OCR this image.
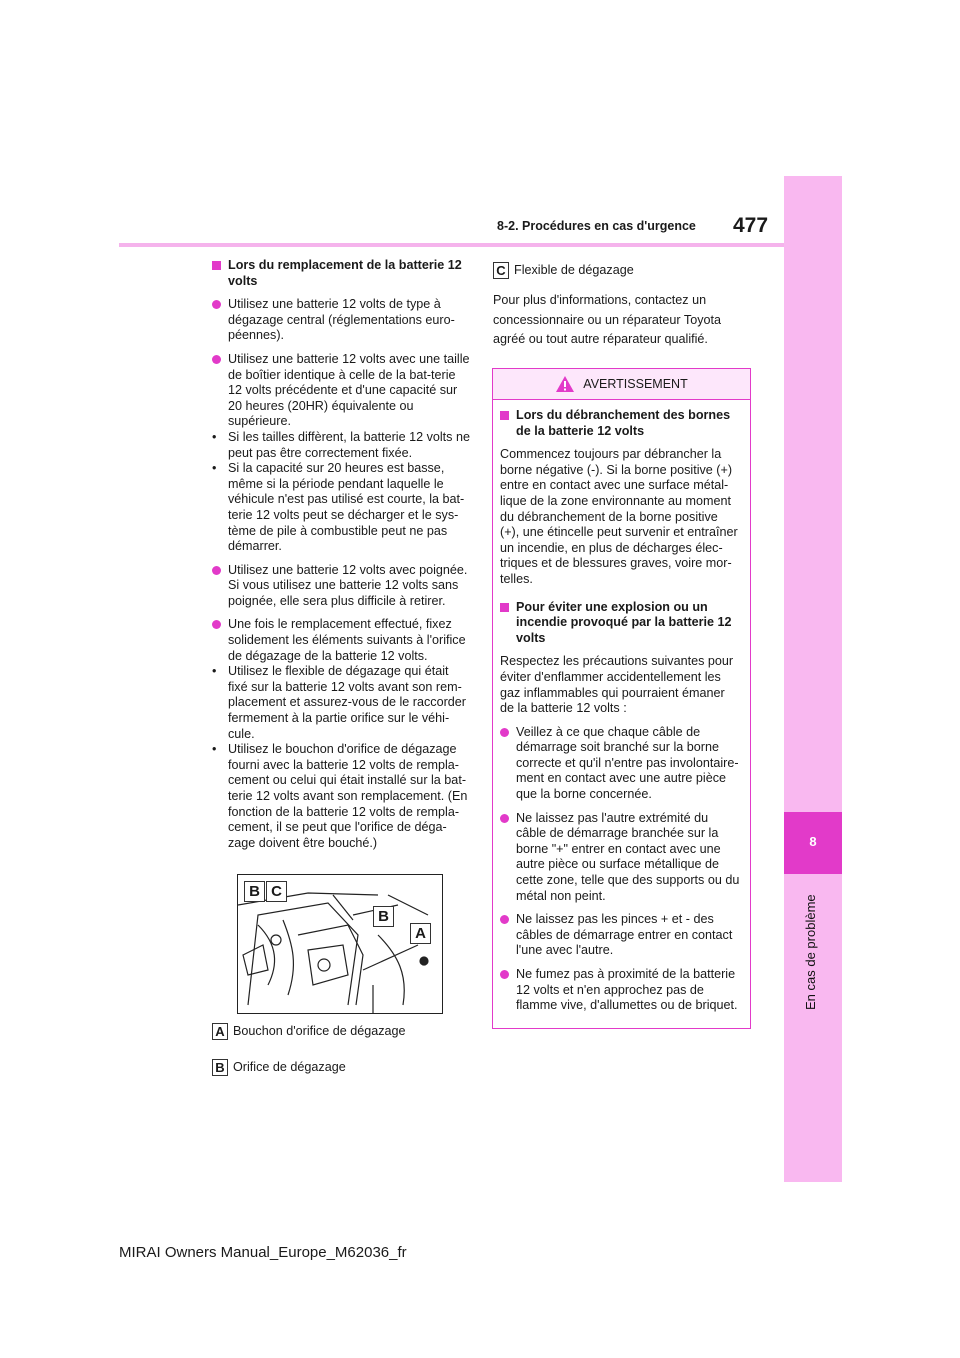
8
En cas de problème
8-2. Procédures en cas d'urgence 477
Lors du remplacement de la batterie 12 volts
Utilisez une batterie 12 volts de type à dégazage central (réglementations euro-péennes).
Utilisez une batterie 12 volts avec une taille de boîtier identique à celle de la bat-terie 12 volts précédente et d'une capacité sur 20 heures (20HR) équivalente ou supérieure.
• Si les tailles diffèrent, la batterie 12 volts ne peut pas être correctement fixée.
• Si la capacité sur 20 heures est basse, même si la période pendant laquelle le véhicule n'est pas utilisé est courte, la bat-terie 12 volts peut se décharger et le sys-tème de pile à combustible peut ne pas démarrer.
Utilisez une batterie 12 volts avec poignée. Si vous utilisez une batterie 12 volts sans poignée, elle sera plus difficile à retirer.
Une fois le remplacement effectué, fixez solidement les éléments suivants à l'orifice de dégazage de la batterie 12 volts.
• Utilisez le flexible de dégazage qui était fixé sur la batterie 12 volts avant son rem-placement et assurez-vous de le raccorder fermement à la partie orifice sur le véhi-cule.
• Utilisez le bouchon d'orifice de dégazage fourni avec la batterie 12 volts de rempla-cement ou celui qui était installé sur la bat-terie 12 volts avant son remplacement. (En fonction de la batterie 12 volts de rempla-cement, il se peut que l'orifice de déga-zage doivent être bouché.)
B C
B
A
A Bouchon d'orifice de dégazage
B Orifice de dégazage
C Flexible de dégazage
Pour plus d'informations, contactez un concessionnaire ou un réparateur Toyota agréé ou tout autre réparateur qualifié.
AVERTISSEMENT
Lors du débranchement des bornes de la batterie 12 volts
Commencez toujours par débrancher la borne négative (-). Si la borne positive (+) entre en contact avec une surface métal-lique de la zone environnante au moment du débranchement de la borne positive (+), une étincelle peut survenir et entraîner un incendie, en plus de décharges élec-triques et de blessures graves, voire mor-telles.
Pour éviter une explosion ou un incendie provoqué par la batterie 12 volts
Respectez les précautions suivantes pour éviter d'enflammer accidentellement les gaz inflammables qui pourraient émaner de la batterie 12 volts :
Veillez à ce que chaque câble de démarrage soit branché sur la borne correcte et qu'il n'entre pas involontaire-ment en contact avec une autre pièce que la borne concernée.
Ne laissez pas l'autre extrémité du câble de démarrage branchée sur la borne "+" entrer en contact avec une autre pièce ou surface métallique de cette zone, telle que des supports ou du métal non peint.
Ne laissez pas les pinces + et - des câbles de démarrage entrer en contact l'une avec l'autre.
Ne fumez pas à proximité de la batterie 12 volts et n'en approchez pas de flamme vive, d'allumettes ou de briquet.
MIRAI Owners Manual_Europe_M62036_fr
